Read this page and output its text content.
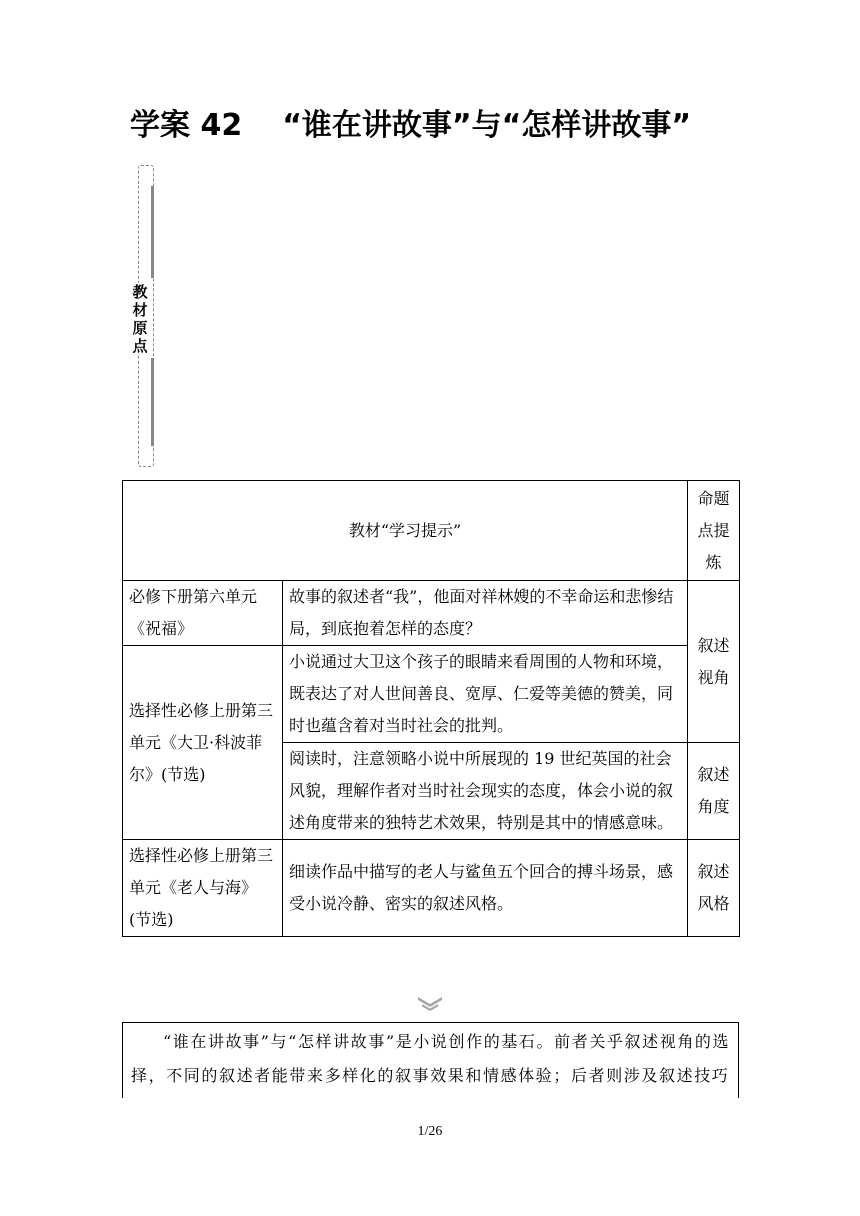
学案 42 “谁在讲故事”与“怎样讲故事”
教材原点
教材“学习提示”		命题点提炼
必修下册第六单元《祝福》	故事的叙述者“我”，他面对祥林嫂的不幸命运和悲惨结局，到底抱着怎样的态度？	叙述视角
选择性必修上册第三单元《大卫·科波菲尔》(节选)	小说通过大卫这个孩子的眼睛来看周围的人物和环境，既表达了对人世间善良、宽厚、仁爱等美德的赞美，同时也蕴含着对当时社会的批判。	
	阅读时，注意领略小说中所展现的 19 世纪英国的社会风貌，理解作者对当时社会现实的态度，体会小说的叙述角度带来的独特艺术效果，特别是其中的情感意味。	叙述角度
选择性必修上册第三单元《老人与海》(节选)	细读作品中描写的老人与鲨鱼五个回合的搏斗场景，感受小说冷静、密实的叙述风格。	叙述风格
“谁在讲故事”与“怎样讲故事”是小说创作的基石。前者关乎叙述视角的选择，不同的叙述者能带来多样化的叙事效果和情感体验；后者则涉及叙述技巧
1/26
